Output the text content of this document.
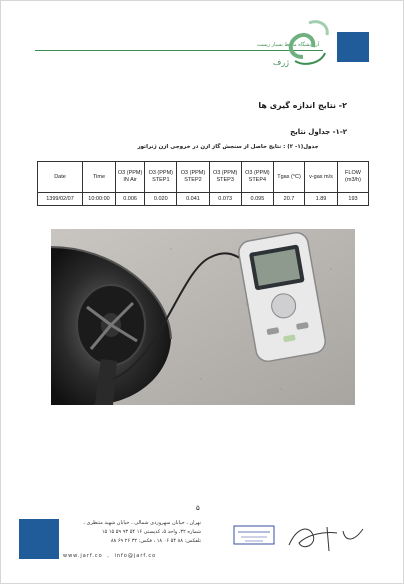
آزمایشگاه محیط بسیار زیست
ژرف
۲- نتایج اندازه گیری ها
۱-۲- جداول نتایج
جدول(۱- ۲) : نتایج حاصل از سنجش گاز ازن در خروجی ازن ژنراتور
Date	Time	O3 (PPM) IN Air	O3 (PPM) STEP1	O3 (PPM) STEP2	O3 (PPM) STEP3	O3 (PPM) STEP4	Tgas (°C)	v-gas m/s	FLOW (m3/h)
1399/02/07	10:00:00	0.006	0.020	0.041	0.073	0.095	20.7	1.89	193
۵
تهران ، خیابان سهروردی شمالی ، خیابان شهید منتظری ،
شماره ۳۲، واحد ۵، کدپستی ۱۶ ۵۴ ۹۳ ۵۹ ۱۵ ۱۵
تلفکس: ۸۸ ۵۴ ۰۶ ۱۸ ، فکس: ۳۲ ۲۶ ۶۹ ۸۸
www.jarf.co , info@jarf.co
